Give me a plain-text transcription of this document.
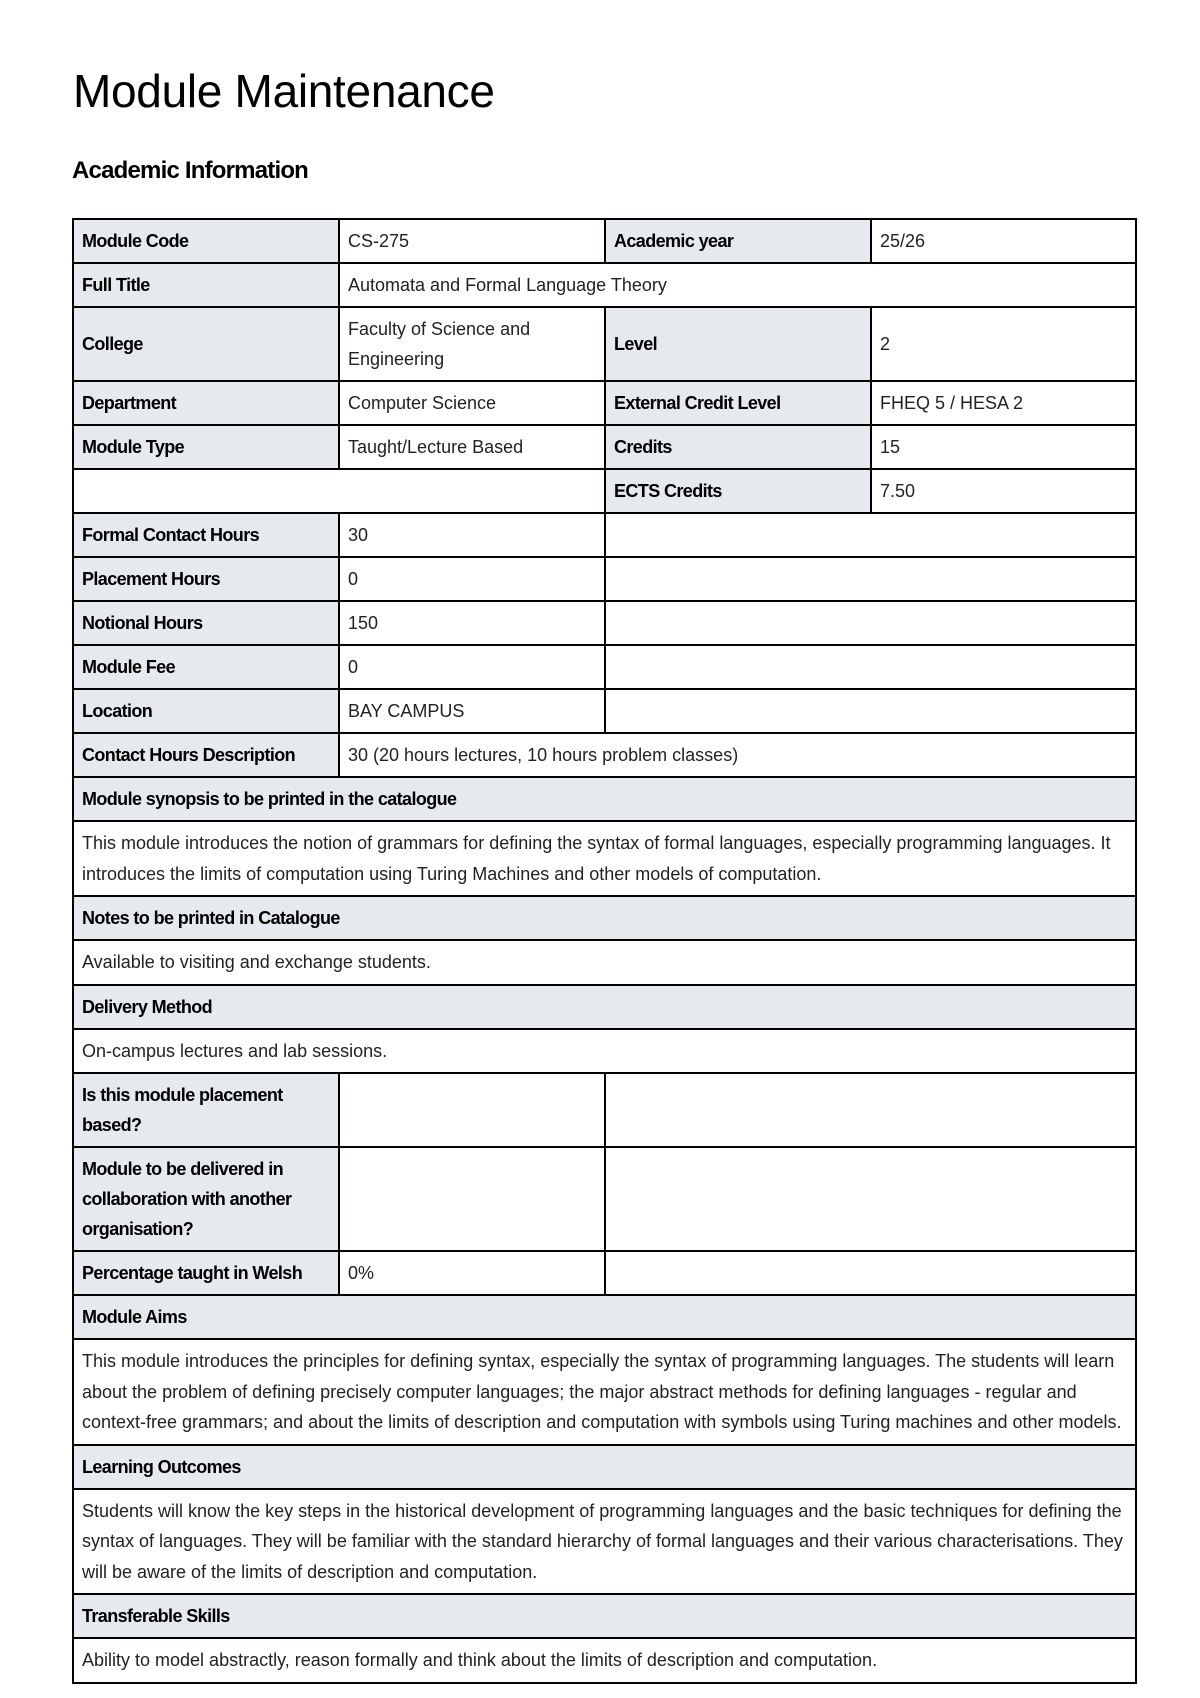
Module Maintenance
Academic Information
Module Code	CS-275	Academic year	25/26
Full Title	Automata and Formal Language Theory		
College	Faculty of Science and Engineering	Level	2
Department	Computer Science	External Credit Level	FHEQ 5 / HESA 2
Module Type	Taught/Lecture Based	Credits	15
		ECTS Credits	7.50
Formal Contact Hours	30		
Placement Hours	0		
Notional Hours	150		
Module Fee	0		
Location	BAY CAMPUS		
Contact Hours Description	30 (20 hours lectures, 10 hours problem classes)		
Module synopsis to be printed in the catalogue			
This module introduces the notion of grammars for defining the syntax of formal languages, especially programming languages. It introduces the limits of computation using Turing Machines and other models of computation.			
Notes to be printed in Catalogue			
Available to visiting and exchange students.			
Delivery Method			
On-campus lectures and lab sessions.			
Is this module placement based?			
Module to be delivered in collaboration with another organisation?			
Percentage taught in Welsh	0%		
Module Aims			
This module introduces the principles for defining syntax, especially the syntax of programming languages. The students will learn about the problem of defining precisely computer languages; the major abstract methods for defining languages - regular and context-free grammars; and about the limits of description and computation with symbols using Turing machines and other models.			
Learning Outcomes			
Students will know the key steps in the historical development of programming languages and the basic techniques for defining the syntax of languages. They will be familiar with the standard hierarchy of formal languages and their various characterisations. They will be aware of the limits of description and computation.			
Transferable Skills			
Ability to model abstractly, reason formally and think about the limits of description and computation.			
